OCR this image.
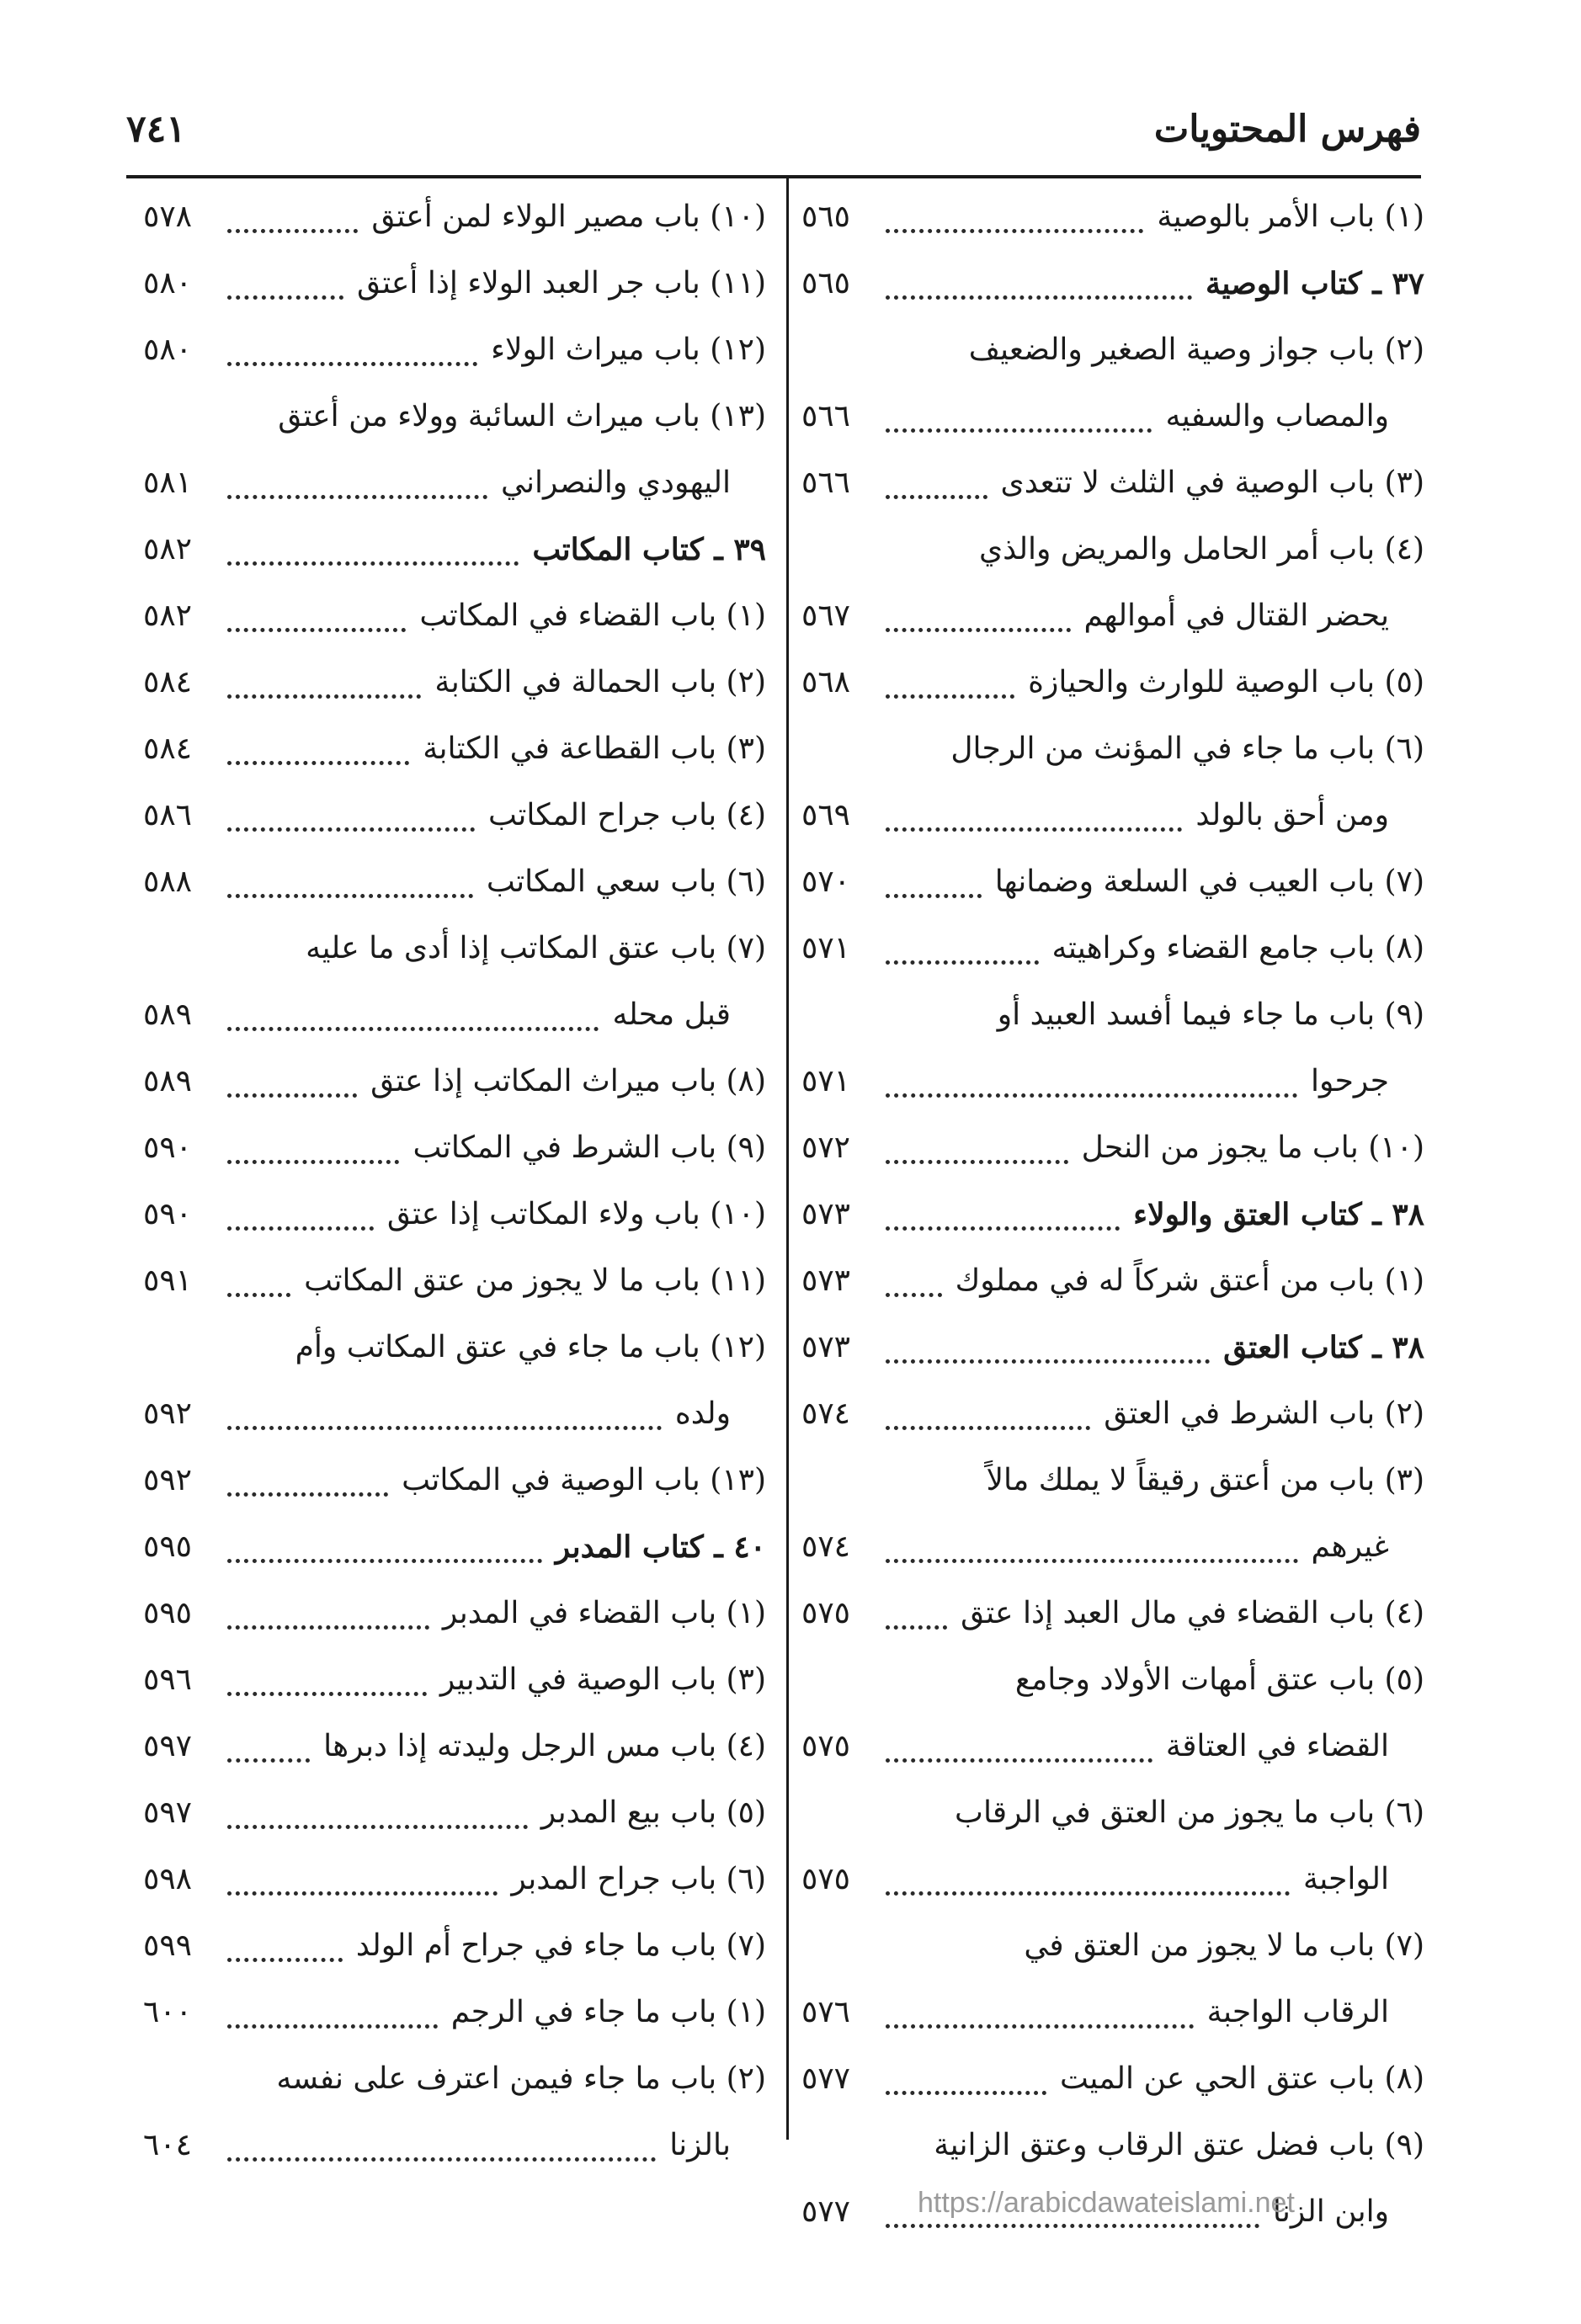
فهرس المحتويات
٧٤١
(١) باب الأمر بالوصية
٥٦٥
٣٧ ـ كتاب الوصية
٥٦٥
(٢) باب جواز وصية الصغير والضعيف
والمصاب والسفيه
٥٦٦
(٣) باب الوصية في الثلث لا تتعدى
٥٦٦
(٤) باب أمر الحامل والمريض والذي
يحضر القتال في أموالهم
٥٦٧
(٥) باب الوصية للوارث والحيازة
٥٦٨
(٦) باب ما جاء في المؤنث من الرجال
ومن أحق بالولد
٥٦٩
(٧) باب العيب في السلعة وضمانها
٥٧٠
(٨) باب جامع القضاء وكراهيته
٥٧١
(٩) باب ما جاء فيما أفسد العبيد أو
جرحوا
٥٧١
(١٠) باب ما يجوز من النحل
٥٧٢
٣٨ ـ كتاب العتق والولاء
٥٧٣
(١) باب من أعتق شركاً له في مملوك
٥٧٣
٣٨ ـ كتاب العتق
٥٧٣
(٢) باب الشرط في العتق
٥٧٤
(٣) باب من أعتق رقيقاً لا يملك مالاً
غيرهم
٥٧٤
(٤) باب القضاء في مال العبد إذا عتق
٥٧٥
(٥) باب عتق أمهات الأولاد وجامع
القضاء في العتاقة
٥٧٥
(٦) باب ما يجوز من العتق في الرقاب
الواجبة
٥٧٥
(٧) باب ما لا يجوز من العتق في
الرقاب الواجبة
٥٧٦
(٨) باب عتق الحي عن الميت
٥٧٧
(٩) باب فضل عتق الرقاب وعتق الزانية
وابن الزنا
٥٧٧
(١٠) باب مصير الولاء لمن أعتق
٥٧٨
(١١) باب جر العبد الولاء إذا أعتق
٥٨٠
(١٢) باب ميراث الولاء
٥٨٠
(١٣) باب ميراث السائبة وولاء من أعتق
اليهودي والنصراني
٥٨١
٣٩ ـ كتاب المكاتب
٥٨٢
(١) باب القضاء في المكاتب
٥٨٢
(٢) باب الحمالة في الكتابة
٥٨٤
(٣) باب القطاعة في الكتابة
٥٨٤
(٤) باب جراح المكاتب
٥٨٦
(٦) باب سعي المكاتب
٥٨٨
(٧) باب عتق المكاتب إذا أدى ما عليه
قبل محله
٥٨٩
(٨) باب ميراث المكاتب إذا عتق
٥٨٩
(٩) باب الشرط في المكاتب
٥٩٠
(١٠) باب ولاء المكاتب إذا عتق
٥٩٠
(١١) باب ما لا يجوز من عتق المكاتب
٥٩١
(١٢) باب ما جاء في عتق المكاتب وأم
ولده
٥٩٢
(١٣) باب الوصية في المكاتب
٥٩٢
٤٠ ـ كتاب المدبر
٥٩٥
(١) باب القضاء في المدبر
٥٩٥
(٣) باب الوصية في التدبير
٥٩٦
(٤) باب مس الرجل وليدته إذا دبرها
٥٩٧
(٥) باب بيع المدبر
٥٩٧
(٦) باب جراح المدبر
٥٩٨
(٧) باب ما جاء في جراح أم الولد
٥٩٩
(١) باب ما جاء في الرجم
٦٠٠
(٢) باب ما جاء فيمن اعترف على نفسه
بالزنا
٦٠٤
https://arabicdawateislami.net
